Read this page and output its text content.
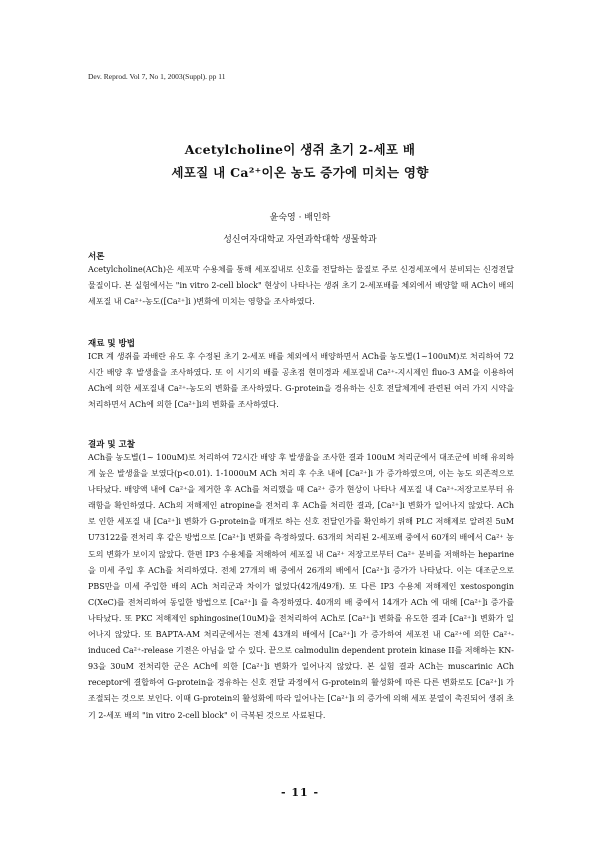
Dev. Reprod. Vol 7, No 1, 2003(Suppl). pp 11
Acetylcholine이 생쥐 초기 2-세포 배
세포질 내 Ca²⁺이온 농도 증가에 미치는 영향
윤숙영 · 배인하
성신여자대학교 자연과학대학 생물학과
서론
Acetylcholine(ACh)은 세포막 수용체를 통해 세포질내로 신호를 전달하는 물질로 주로 신경세포에서 분비되는 신경전달물질이다. 본 실험에서는 "in vitro 2-cell block" 현상이 나타나는 생쥐 초기 2-세포배를 체외에서 배양할 때 ACh이 배의 세포질 내 Ca²⁺-농도([Ca²⁺]i )변화에 미치는 영향을 조사하였다.
재료 및 방법
ICR 계 생쥐를 과배란 유도 후 수정된 초기 2-세포 배를 체외에서 배양하면서 ACh를 농도별(1~100uM)로 처리하여 72시간 배양 후 발생율을 조사하였다. 또 이 시기의 배를 공초점 현미경과 세포질내 Ca²⁺-지시제인 fluo-3 AM을 이용하여 ACh에 의한 세포질내 Ca²⁺-농도의 변화를 조사하였다. G-protein을 경유하는 신호 전달체계에 관련된 여러 가지 시약을 처리하면서 ACh에 의한 [Ca²⁺]i의 변화를 조사하였다.
결과 및 고찰
ACh를 농도별(1~ 100uM)로 처리하여 72시간 배양 후 발생율을 조사한 결과 100uM 처리군에서 대조군에 비해 유의하게 높은 발생율을 보였다(p<0.01). 1-1000uM ACh 처리 후 수초 내에 [Ca²⁺]i 가 증가하였으며, 이는 농도 의존적으로 나타났다. 배양액 내에 Ca²⁺을 제거한 후 ACh를 처리했을 때 Ca²⁺ 증가 현상이 나타나 세포질 내 Ca²⁺-저장고로부터 유래함을 확인하였다. ACh의 저해제인 atropine을 전처리 후 ACh를 처리한 결과, [Ca²⁺]i 변화가 일어나지 않았다. ACh로 인한 세포질 내 [Ca²⁺]i 변화가 G-protein을 매개로 하는 신호 전달인가를 확인하기 위해 PLC 저해제로 알려진 5uM U73122를 전처리 후 같은 방법으로 [Ca²⁺]i 변화를 측정하였다. 63개의 처리된 2-세포배 중에서 60개의 배에서 Ca²⁺ 농도의 변화가 보이지 않았다. 한편 IP3 수용체를 저해하여 세포질 내 Ca²⁺ 저장고로부터 Ca²⁺ 분비를 저해하는 heparine을 미세 주입 후 ACh를 처리하였다. 전체 27개의 배 중에서 26개의 배에서 [Ca²⁺]i 증가가 나타났다. 이는 대조군으로 PBS만을 미세 주입한 배의 ACh 처리군과 차이가 없었다(42개/49개). 또 다른 IP3 수용체 저해제인 xestospongin C(XeC)를 전처리하여 동일한 방법으로 [Ca²⁺]i 를 측정하였다. 40개의 배 중에서 14개가 ACh 에 대해 [Ca²⁺]i 증가를 나타났다. 또 PKC 저해제인 sphingosine(10uM)을 전처리하여 ACh로 [Ca²⁺]i 변화를 유도한 결과 [Ca²⁺]i 변화가 일어나지 않았다. 또 BAPTA-AM 처리군에서는 전체 43개의 배에서 [Ca²⁺]i 가 증가하여 세포전 내 Ca²⁺에 의한 Ca²⁺-induced Ca²⁺-release 기전은 아님을 알 수 있다. 끝으로 calmodulin dependent protein kinase II를 저해하는 KN-93을 30uM 전처리한 군은 ACh에 의한 [Ca²⁺]i 변화가 일어나지 않았다. 본 실험 결과 ACh는 muscarinic ACh receptor에 결합하여 G-protein을 경유하는 신호 전달 과정에서 G-protein의 활성화에 따른 다른 변화로도 [Ca²⁺]i 가 조절되는 것으로 보인다. 이때 G-protein의 활성화에 따라 일어나는 [Ca²⁺]i 의 증가에 의해 세포 분열이 촉진되어 생쥐 초기 2-세포 배의 "in vitro 2-cell block" 이 극복된 것으로 사료된다.
- 11 -
